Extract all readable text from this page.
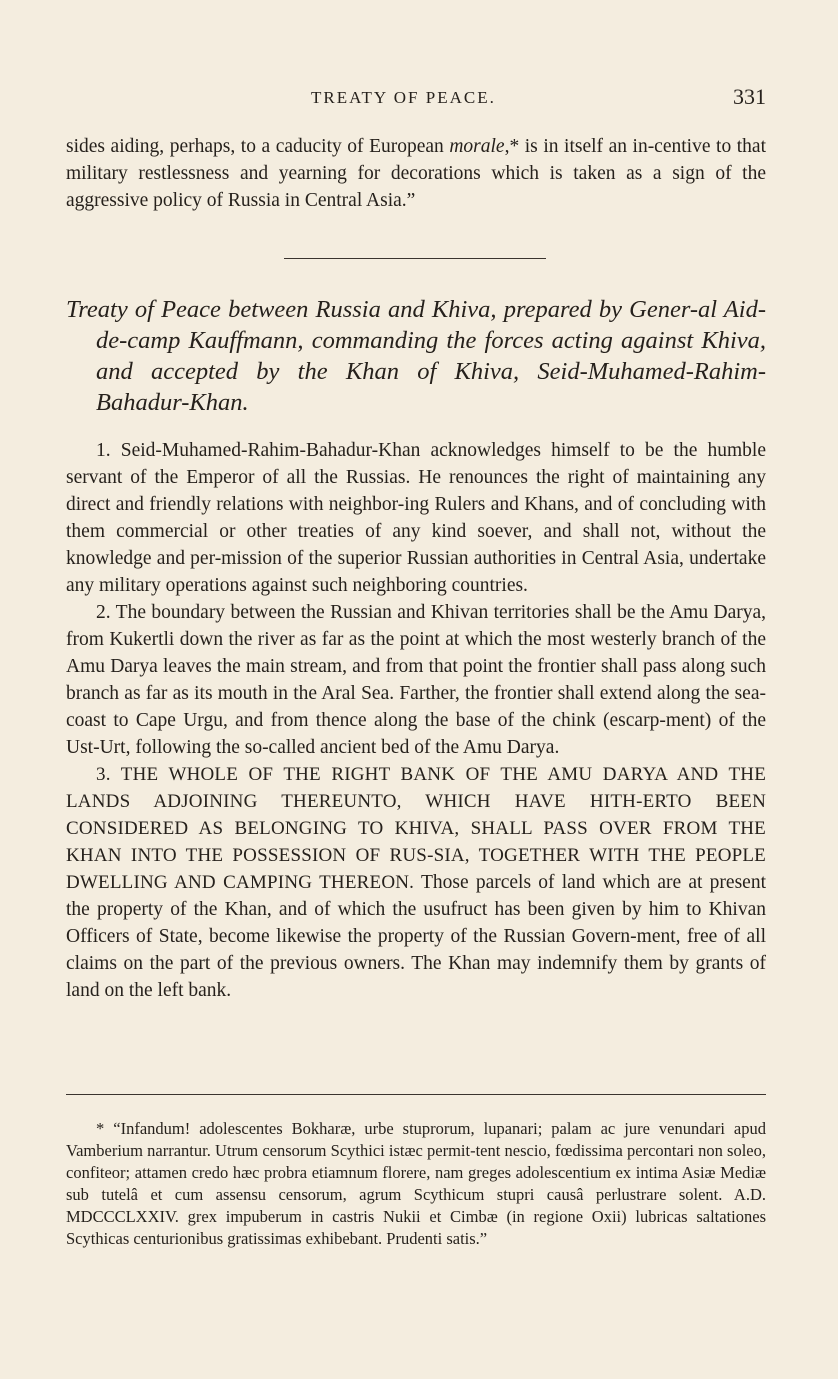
TREATY OF PEACE.	331

sides aiding, perhaps, to a caducity of European morale,* is in itself an in-centive to that military restlessness and yearning for decorations which is taken as a sign of the aggressive policy of Russia in Central Asia.”

Treaty of Peace between Russia and Khiva, prepared by Gener-al Aid-de-camp Kauffmann, commanding the forces acting against Khiva, and accepted by the Khan of Khiva, Seid-Muhamed-Rahim-Bahadur-Khan.

1. Seid-Muhamed-Rahim-Bahadur-Khan acknowledges himself to be the humble servant of the Emperor of all the Russias. He renounces the right of maintaining any direct and friendly relations with neighbor-ing Rulers and Khans, and of concluding with them commercial or other treaties of any kind soever, and shall not, without the knowledge and per-mission of the superior Russian authorities in Central Asia, undertake any military operations against such neighboring countries.

2. The boundary between the Russian and Khivan territories shall be the Amu Darya, from Kukertli down the river as far as the point at which the most westerly branch of the Amu Darya leaves the main stream, and from that point the frontier shall pass along such branch as far as its mouth in the Aral Sea. Farther, the frontier shall extend along the sea-coast to Cape Urgu, and from thence along the base of the chink (escarp-ment) of the Ust-Urt, following the so-called ancient bed of the Amu Darya.

3. THE WHOLE OF THE RIGHT BANK OF THE AMU DARYA AND THE LANDS ADJOINING THEREUNTO, WHICH HAVE HITH-ERTO BEEN CONSIDERED AS BELONGING TO KHIVA, SHALL PASS OVER FROM THE KHAN INTO THE POSSESSION OF RUS-SIA, TOGETHER WITH THE PEOPLE DWELLING AND CAMPING THEREON. Those parcels of land which are at present the property of the Khan, and of which the usufruct has been given by him to Khivan Officers of State, become likewise the property of the Russian Govern-ment, free of all claims on the part of the previous owners. The Khan may indemnify them by grants of land on the left bank.

* “Infandum! adolescentes Bokharæ, urbe stuprorum, lupanari; palam ac jure venundari apud Vamberium narrantur. Utrum censorum Scythici istæc permit-tent nescio, fœdissima percontari non soleo, confiteor; attamen credo hæc probra etiamnum florere, nam greges adolescentium ex intima Asiæ Mediæ sub tutelâ et cum assensu censorum, agrum Scythicum stupri causâ perlustrare solent. A.D. MDCCCLXXIV. grex impuberum in castris Nukii et Cimbæ (in regione Oxii) lubricas saltationes Scythicas centurionibus gratissimas exhibebant. Prudenti satis.”
